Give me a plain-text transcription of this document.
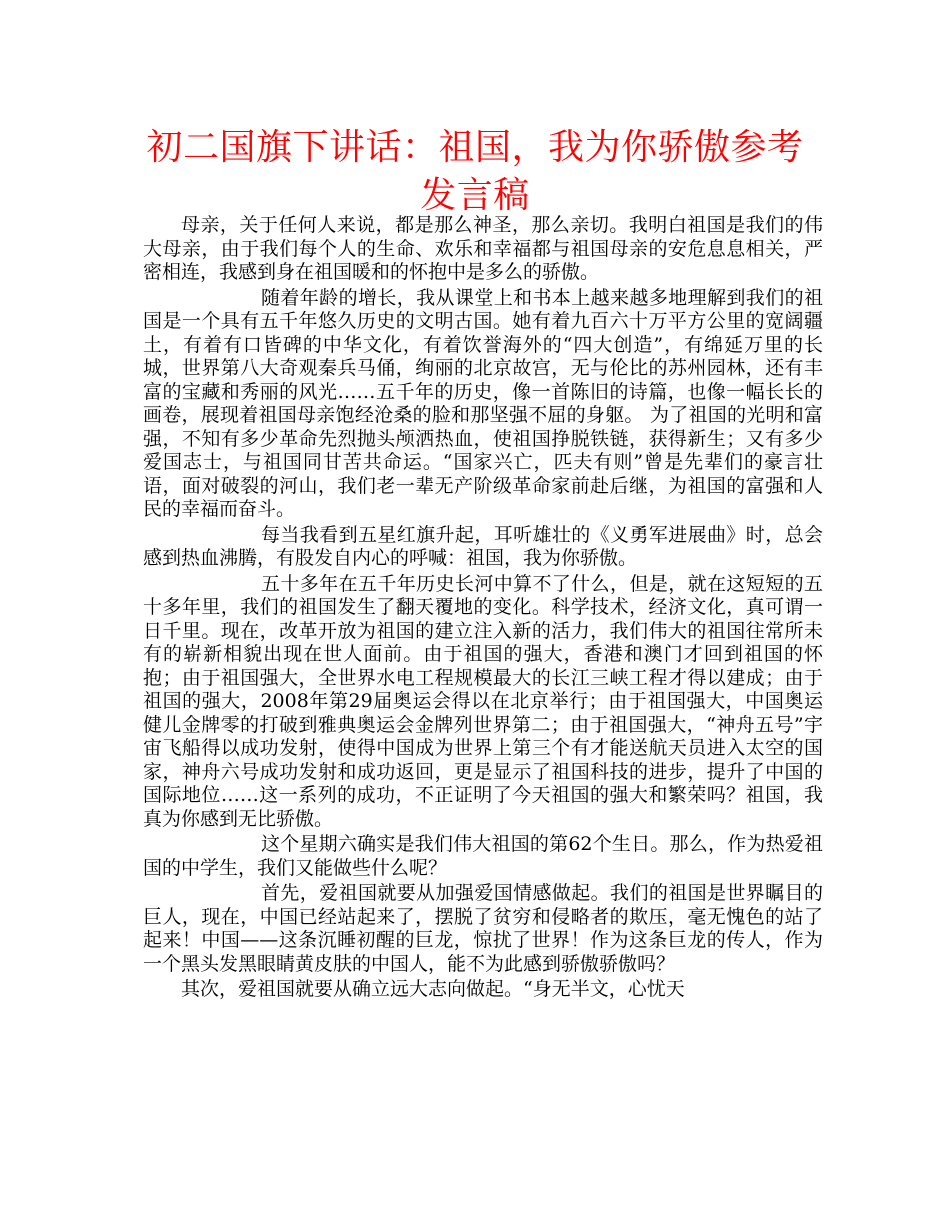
初二国旗下讲话：祖国，我为你骄傲参考发言稿

母亲，关于任何人来说，都是那么神圣，那么亲切。我明白祖国是我们的伟大母亲，由于我们每个人的生命、欢乐和幸福都与祖国母亲的安危息息相关，严密相连，我感到身在祖国暖和的怀抱中是多么的骄傲。

随着年龄的增长，我从课堂上和书本上越来越多地理解到我们的祖国是一个具有五千年悠久历史的文明古国。她有着九百六十万平方公里的宽阔疆土，有着有口皆碑的中华文化，有着饮誉海外的“四大创造”，有绵延万里的长城，世界第八大奇观秦兵马俑，绚丽的北京故宫，无与伦比的苏州园林，还有丰富的宝藏和秀丽的风光……五千年的历史，像一首陈旧的诗篇，也像一幅长长的画卷，展现着祖国母亲饱经沧桑的脸和那坚强不屈的身躯。 为了祖国的光明和富强，不知有多少革命先烈抛头颅洒热血，使祖国挣脱铁链，获得新生；又有多少爱国志士，与祖国同甘苦共命运。“国家兴亡，匹夫有则”曾是先辈们的豪言壮语，面对破裂的河山，我们老一辈无产阶级革命家前赴后继，为祖国的富强和人民的幸福而奋斗。

每当我看到五星红旗升起，耳听雄壮的《义勇军进展曲》时，总会感到热血沸腾，有股发自内心的呼喊：祖国，我为你骄傲。

五十多年在五千年历史长河中算不了什么，但是，就在这短短的五十多年里，我们的祖国发生了翻天覆地的变化。科学技术，经济文化，真可谓一日千里。现在，改革开放为祖国的建立注入新的活力，我们伟大的祖国往常所未有的崭新相貌出现在世人面前。由于祖国的强大，香港和澳门才回到祖国的怀抱；由于祖国强大，全世界水电工程规模最大的长江三峡工程才得以建成；由于祖国的强大，2008年第29届奥运会得以在北京举行；由于祖国强大，中国奥运健儿金牌零的打破到雅典奥运会金牌列世界第二；由于祖国强大，“神舟五号”宇宙飞船得以成功发射，使得中国成为世界上第三个有才能送航天员进入太空的国家，神舟六号成功发射和成功返回，更是显示了祖国科技的进步，提升了中国的国际地位……这一系列的成功，不正证明了今天祖国的强大和繁荣吗？祖国，我真为你感到无比骄傲。

这个星期六确实是我们伟大祖国的第62个生日。那么，作为热爱祖国的中学生，我们又能做些什么呢？

首先，爱祖国就要从加强爱国情感做起。我们的祖国是世界瞩目的巨人，现在，中国已经站起来了，摆脱了贫穷和侵略者的欺压，毫无愧色的站了起来！中国——这条沉睡初醒的巨龙，惊扰了世界！作为这条巨龙的传人，作为一个黑头发黑眼睛黄皮肤的中国人，能不为此感到骄傲骄傲吗？

其次，爱祖国就要从确立远大志向做起。“身无半文，心忧天
